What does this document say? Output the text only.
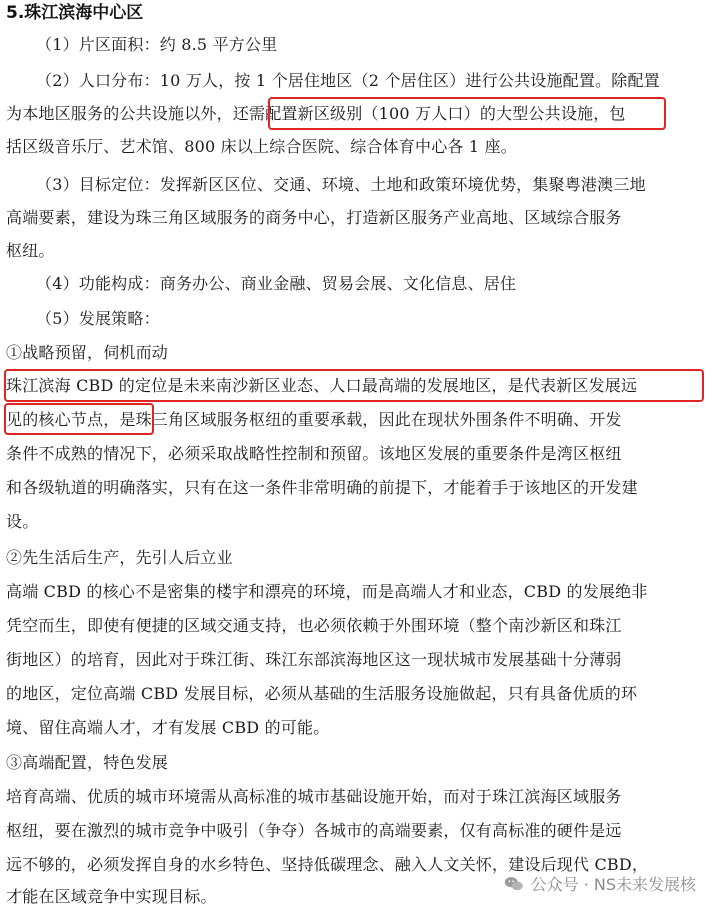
5.珠江滨海中心区
（1）片区面积：约 8.5 平方公里
（2）人口分布：10 万人，按 1 个居住地区（2 个居住区）进行公共设施配置。除配置
为本地区服务的公共设施以外，还需配置新区级别（100 万人口）的大型公共设施，包
括区级音乐厅、艺术馆、800 床以上综合医院、综合体育中心各 1 座。
（3）目标定位：发挥新区区位、交通、环境、土地和政策环境优势，集聚粤港澳三地
高端要素，建设为珠三角区域服务的商务中心，打造新区服务产业高地、区域综合服务
枢纽。
（4）功能构成：商务办公、商业金融、贸易会展、文化信息、居住
（5）发展策略：
①战略预留，伺机而动
珠江滨海 CBD 的定位是未来南沙新区业态、人口最高端的发展地区，是代表新区发展远
见的核心节点，是珠三角区域服务枢纽的重要承载，因此在现状外围条件不明确、开发
条件不成熟的情况下，必须采取战略性控制和预留。该地区发展的重要条件是湾区枢纽
和各级轨道的明确落实，只有在这一条件非常明确的前提下，才能着手于该地区的开发建
设。
②先生活后生产，先引人后立业
高端 CBD 的核心不是密集的楼宇和漂亮的环境，而是高端人才和业态，CBD 的发展绝非
凭空而生，即使有便捷的区域交通支持，也必须依赖于外围环境（整个南沙新区和珠江
街地区）的培育，因此对于珠江街、珠江东部滨海地区这一现状城市发展基础十分薄弱
的地区，定位高端 CBD 发展目标，必须从基础的生活服务设施做起，只有具备优质的环
境、留住高端人才，才有发展 CBD 的可能。
③高端配置，特色发展
培育高端、优质的城市环境需从高标准的城市基础设施开始，而对于珠江滨海区域服务
枢纽，要在激烈的城市竞争中吸引（争夺）各城市的高端要素，仅有高标准的硬件是远
远不够的，必须发挥自身的水乡特色、坚持低碳理念、融入人文关怀，建设后现代 CBD，
才能在区域竞争中实现目标。
公众号 · NS未来发展核
